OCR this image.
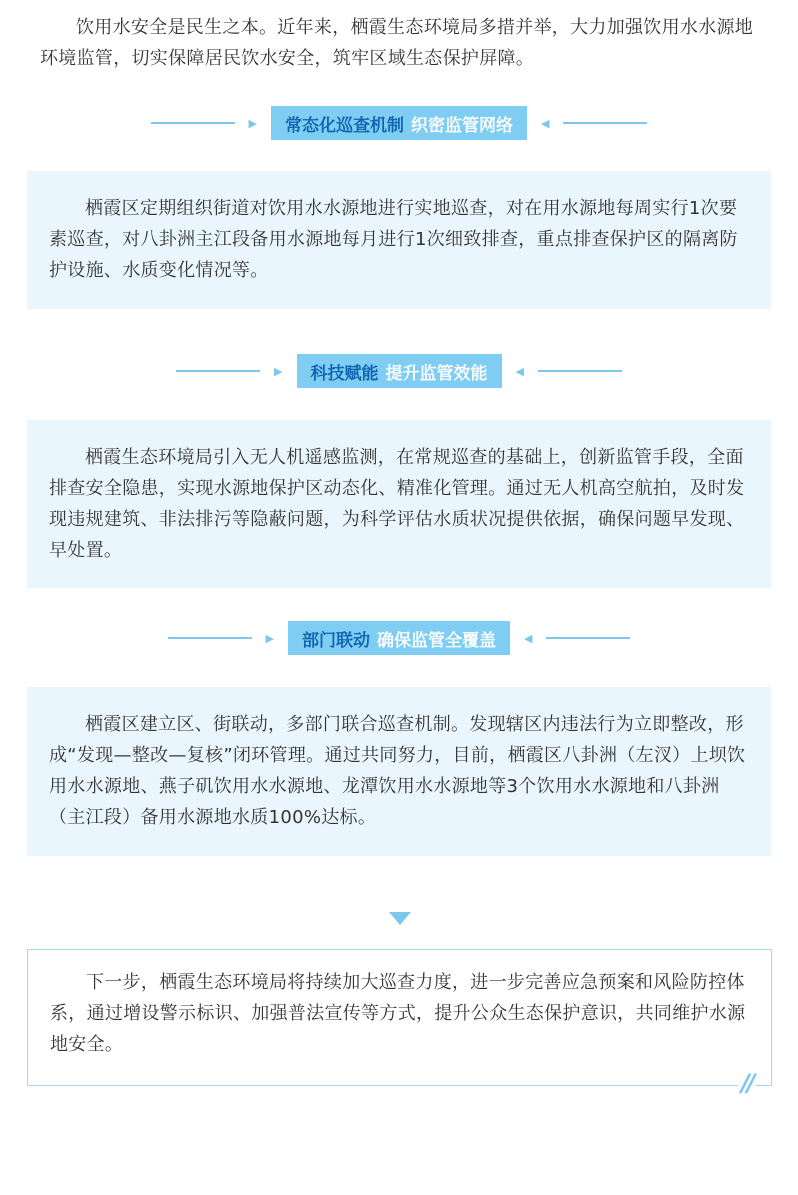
饮用水安全是民生之本。近年来，栖霞生态环境局多措并举，大力加强饮用水水源地环境监管，切实保障居民饮水安全，筑牢区域生态保护屏障。

▶ 常态化巡查机制 织密监管网络	◀

栖霞区定期组织街道对饮用水水源地进行实地巡查，对在用水源地每周实行1次要素巡查，对八卦洲主江段备用水源地每月进行1次细致排查，重点排查保护区的隔离防护设施、水质变化情况等。

▶ 科技赋能 提升监管效能	◀

栖霞生态环境局引入无人机遥感监测，在常规巡查的基础上，创新监管手段，全面排查安全隐患，实现水源地保护区动态化、精准化管理。通过无人机高空航拍，及时发现违规建筑、非法排污等隐蔽问题，为科学评估水质状况提供依据，确保问题早发现、早处置。

▶ 部门联动 确保监管全覆盖	◀

栖霞区建立区、街联动，多部门联合巡查机制。发现辖区内违法行为立即整改，形成“发现—整改—复核”闭环管理。通过共同努力，目前，栖霞区八卦洲（左汊）上坝饮用水水源地、燕子矶饮用水水源地、龙潭饮用水水源地等3个饮用水水源地和八卦洲（主江段）备用水源地水质100%达标。

下一步，栖霞生态环境局将持续加大巡查力度，进一步完善应急预案和风险防控体系，通过增设警示标识、加强普法宣传等方式，提升公众生态保护意识，共同维护水源地安全。

//
